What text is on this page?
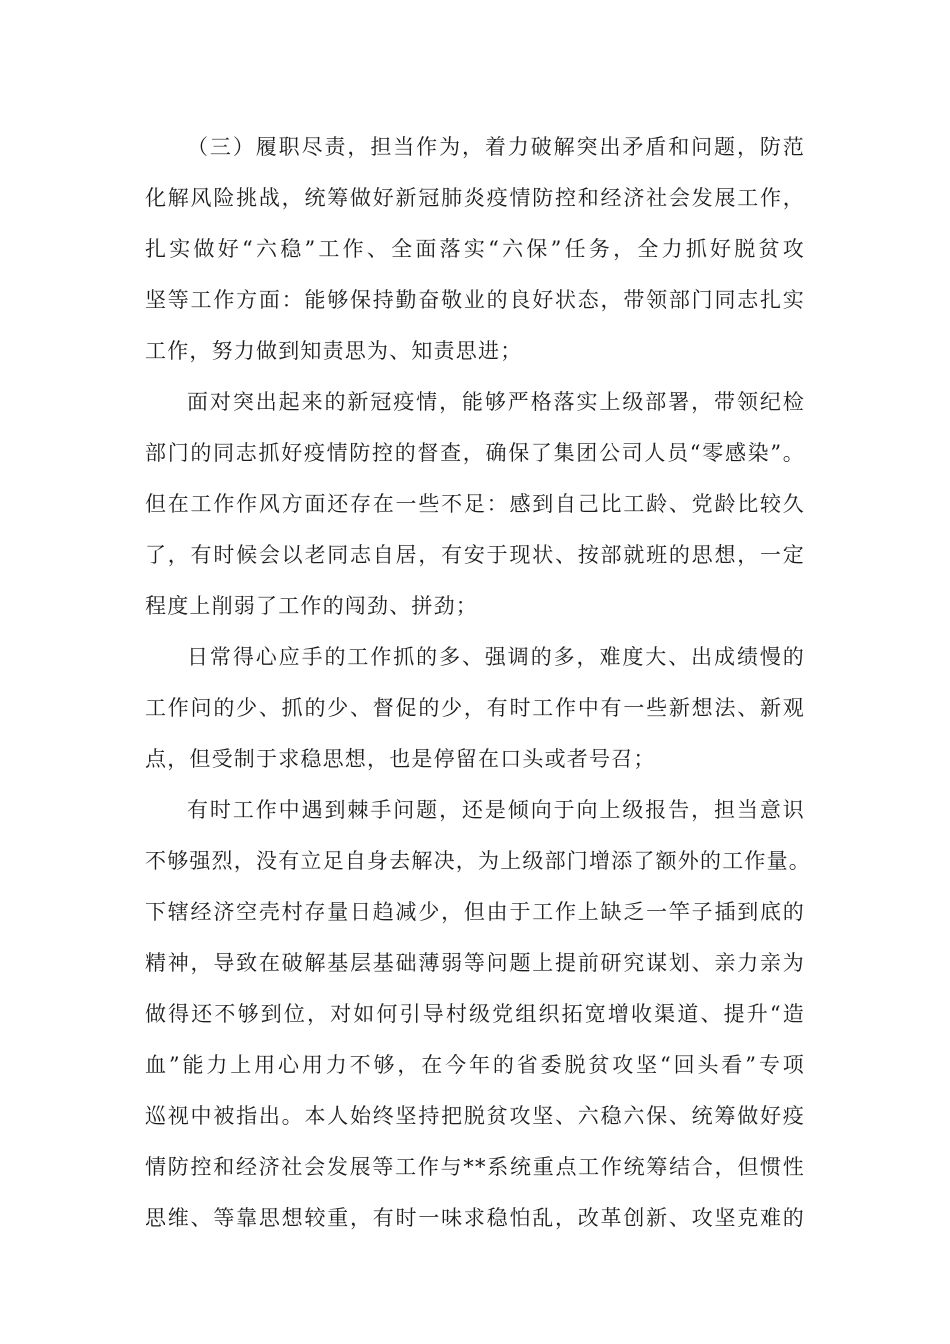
（三）履职尽责，担当作为，着力破解突出矛盾和问题，防范
化解风险挑战，统筹做好新冠肺炎疫情防控和经济社会发展工作，
扎实做好“六稳”工作、全面落实“六保”任务，全力抓好脱贫攻
坚等工作方面：能够保持勤奋敬业的良好状态，带领部门同志扎实
工作，努力做到知责思为、知责思进；
面对突出起来的新冠疫情，能够严格落实上级部署，带领纪检
部门的同志抓好疫情防控的督查，确保了集团公司人员“零感染”。
但在工作作风方面还存在一些不足：感到自己比工龄、党龄比较久
了，有时候会以老同志自居，有安于现状、按部就班的思想，一定
程度上削弱了工作的闯劲、拼劲；
日常得心应手的工作抓的多、强调的多，难度大、出成绩慢的
工作问的少、抓的少、督促的少，有时工作中有一些新想法、新观
点，但受制于求稳思想，也是停留在口头或者号召；
有时工作中遇到棘手问题，还是倾向于向上级报告，担当意识
不够强烈，没有立足自身去解决，为上级部门增添了额外的工作量。
下辖经济空壳村存量日趋减少，但由于工作上缺乏一竿子插到底的
精神，导致在破解基层基础薄弱等问题上提前研究谋划、亲力亲为
做得还不够到位，对如何引导村级党组织拓宽增收渠道、提升“造
血”能力上用心用力不够，在今年的省委脱贫攻坚“回头看”专项
巡视中被指出。本人始终坚持把脱贫攻坚、六稳六保、统筹做好疫
情防控和经济社会发展等工作与**系统重点工作统筹结合，但惯性
思维、等靠思想较重，有时一味求稳怕乱，改革创新、攻坚克难的
